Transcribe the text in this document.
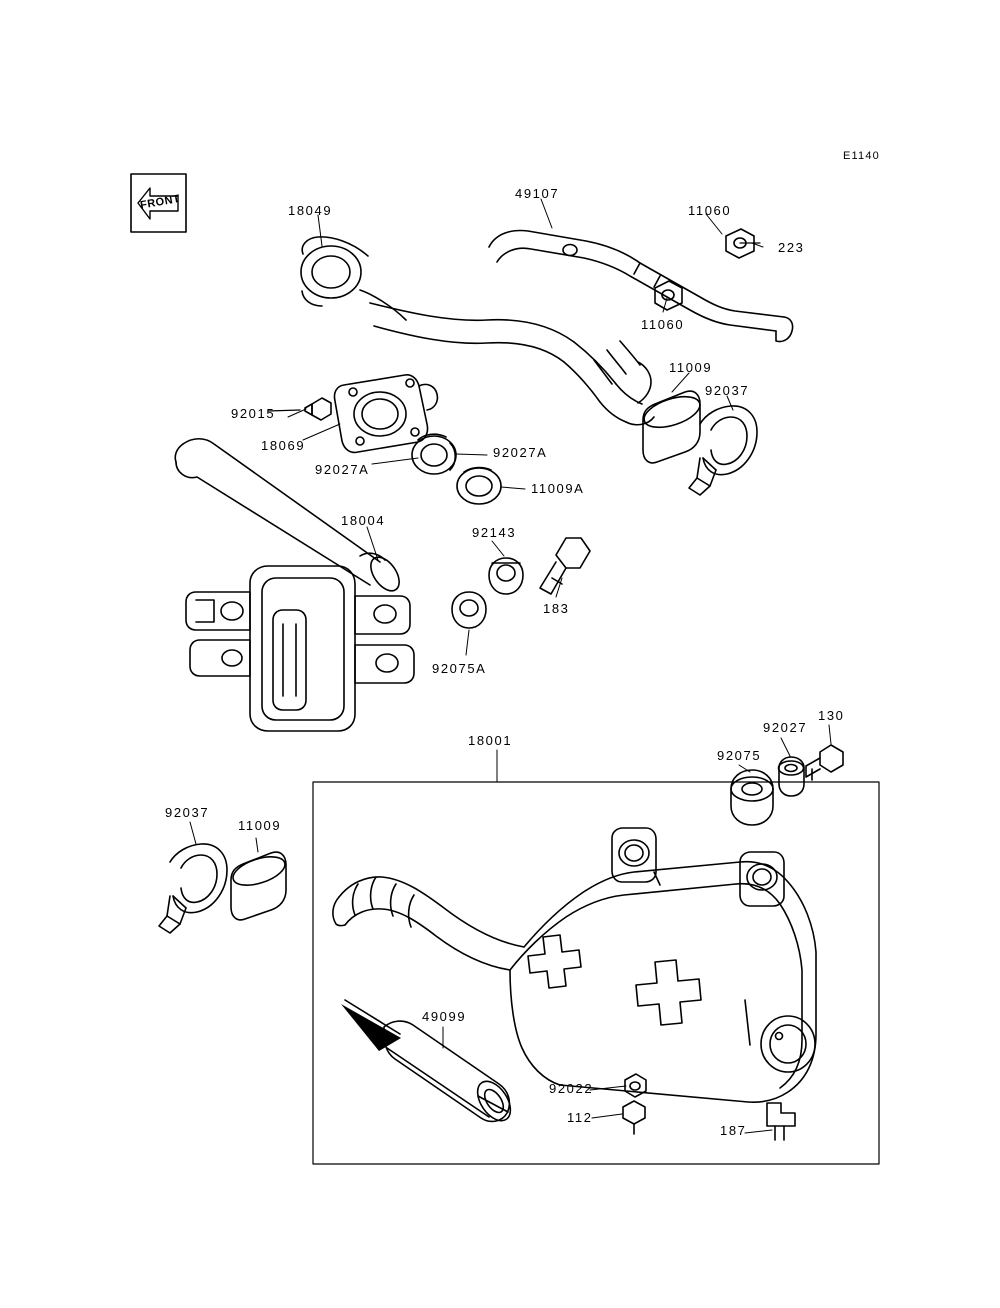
E1140
18049
49107
11060
223
11060
11009
92037
92015
18069
92027A
92027A
11009A
18004
92143
183
92075A
18001
92075
92027
130
92037
11009
49099
92022
112
187
FRONT
